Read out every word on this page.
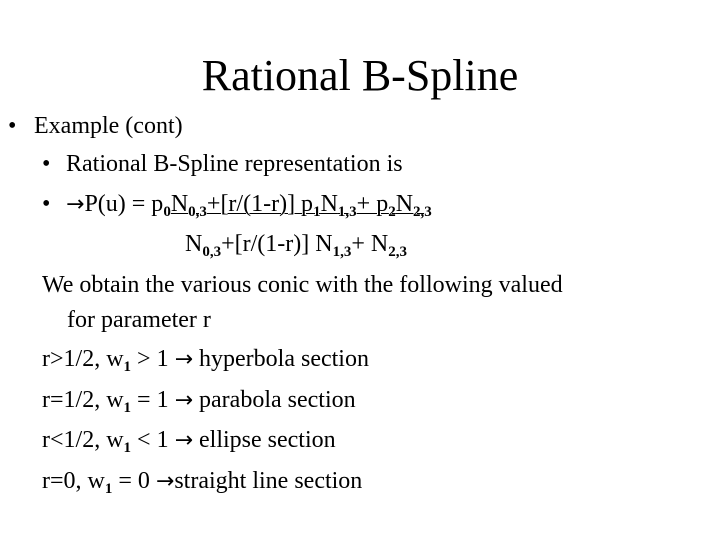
Rational B-Spline
• Example (cont)
• Rational B-Spline representation is
• $\to P(u) = p_0N_{0,3}+[r/(1-r)]$ $p_1N_{1,3}+ p_2N_{2,3}$
$N_{0,3}+[r/(1-r)]$ $N_{1,3}+ N_{2,3}$
We obtain the various conic with the following valued
for parameter r
r>1/2, $w_1 > 1$ → hyperbola section
r=1/2, $w_1 = 1$ → parabola section
r<1/2, $w_1 < 1$ → ellipse section
r=0, $w_1 = 0$ →straight line section
